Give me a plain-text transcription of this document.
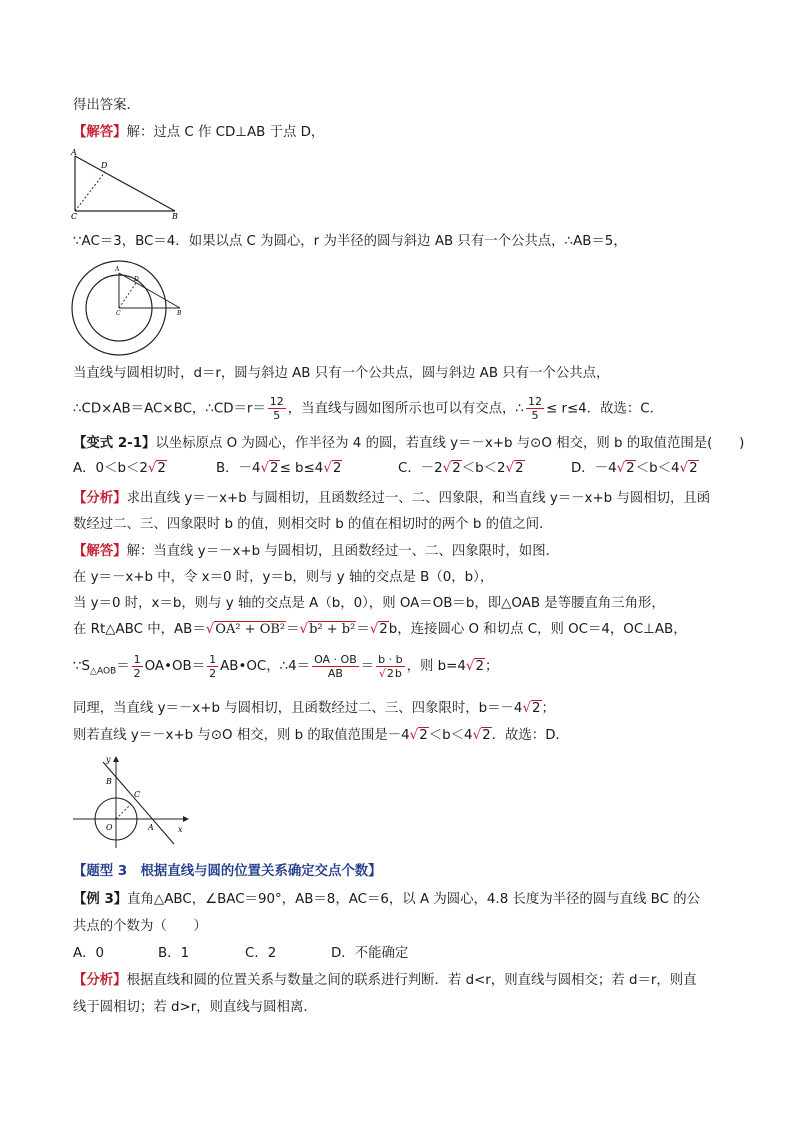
得出答案．
【解答】解：过点 C 作 CD⊥AB 于点 D，
A
D
C	B
∵AC＝3，BC＝4．如果以点 C 为圆心，r 为半径的圆与斜边 AB 只有一个公共点，∴AB＝5，
A
D
C	B
当直线与圆相切时，d＝r，圆与斜边 AB 只有一个公共点，圆与斜边 AB 只有一个公共点，
∴CD×AB＝AC×BC，∴CD＝r＝ $\frac{12}{5}$ ，当直线与圆如图所示也可以有交点，∴ $\frac{12}{5} \le r\le 4$．故选：C．
【变式 2-1】以坐标原点 O 为圆心，作半径为 4 的圆，若直线 y＝－x+b 与⊙O 相交，则 b 的取值范围是(　　)
A．0＜b＜2√2	B．－4√2≤ b≤4√2	C．－2√2＜b＜2√2	D．－4√2＜b＜4√2
【分析】求出直线 y＝－x+b 与圆相切，且函数经过一、二、四象限，和当直线 y＝－x+b 与圆相切，且函
数经过二、三、四象限时 b 的值，则相交时 b 的值在相切时的两个 b 的值之间．
【解答】解：当直线 y＝－x+b 与圆相切，且函数经过一、二、四象限时，如图．
在 y＝－x+b 中，令 x＝0 时，y＝b，则与 y 轴的交点是 B（0，b），
当 y＝0 时，x＝b，则与 y 轴的交点是 A（b，0），则 OA＝OB＝b，即△OAB 是等腰直角三角形，
在 Rt△ABC 中，AB＝√OA² + OB²＝√b² + b²＝√2b，连接圆心 O 和切点 C，则 OC＝4，OC⊥AB，
$\because S_{\triangle AOB}= \frac{1}{2}$ OA•OB＝ $\frac{1}{2}$ AB•OC，∴4＝ $\frac{OA \cdot OB}{AB} = \frac{b \cdot b}{√2b}$ ，则 b=4√2；
同理，当直线 y＝－x+b 与圆相切，且函数经过二、三、四象限时，b＝－4√2；
则若直线 y＝－x+b 与⊙O 相交，则 b 的取值范围是－4√2＜b＜4√2．故选：D．
y
x
B
C
O	A
【题型 3　根据直线与圆的位置关系确定交点个数】
【例 3】直角△ABC，∠BAC＝90°，AB＝8，AC＝6，以 A 为圆心，4.8 长度为半径的圆与直线 BC 的公
共点的个数为（　　）
A．0	B．1	C．2	D．不能确定
【分析】根据直线和圆的位置关系与数量之间的联系进行判断．若 d<r，则直线与圆相交；若 d＝r，则直
线于圆相切；若 d>r，则直线与圆相离．
